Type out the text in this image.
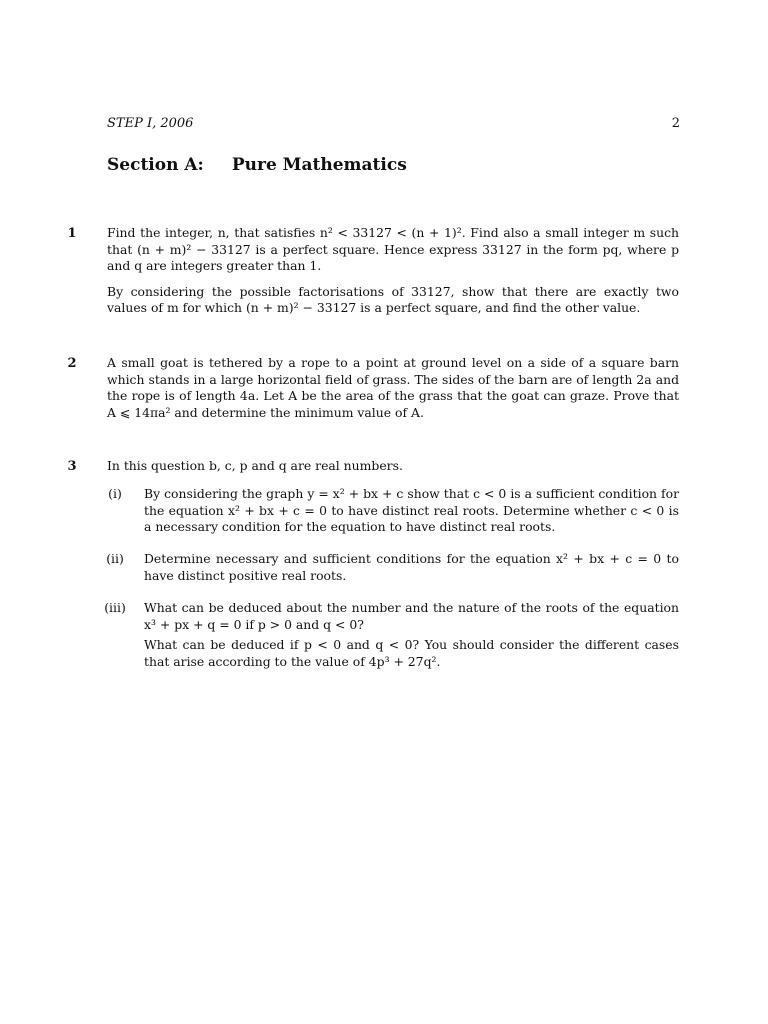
STEP I, 2006	2
Section A: Pure Mathematics
1 Find the integer, n, that satisfies n² < 33127 < (n + 1)². Find also a small integer m such that (n + m)² − 33127 is a perfect square. Hence express 33127 in the form pq, where p and q are integers greater than 1.

By considering the possible factorisations of 33127, show that there are exactly two values of m for which (n + m)² − 33127 is a perfect square, and find the other value.

2 A small goat is tethered by a rope to a point at ground level on a side of a square barn which stands in a large horizontal field of grass. The sides of the barn are of length 2a and the rope is of length 4a. Let A be the area of the grass that the goat can graze. Prove that A ⩽ 14πa² and determine the minimum value of A.

3 In this question b, c, p and q are real numbers.

(i)	By considering the graph y = x² + bx + c show that c < 0 is a sufficient condition for the equation x² + bx + c = 0 to have distinct real roots. Determine whether c < 0 is a necessary condition for the equation to have distinct real roots.

(ii)	Determine necessary and sufficient conditions for the equation x² + bx + c = 0 to have distinct positive real roots.

(iii)	What can be deduced about the number and the nature of the roots of the equation x³ + px + q = 0 if p > 0 and q < 0?

What can be deduced if p < 0 and q < 0? You should consider the different cases that arise according to the value of 4p³ + 27q².
